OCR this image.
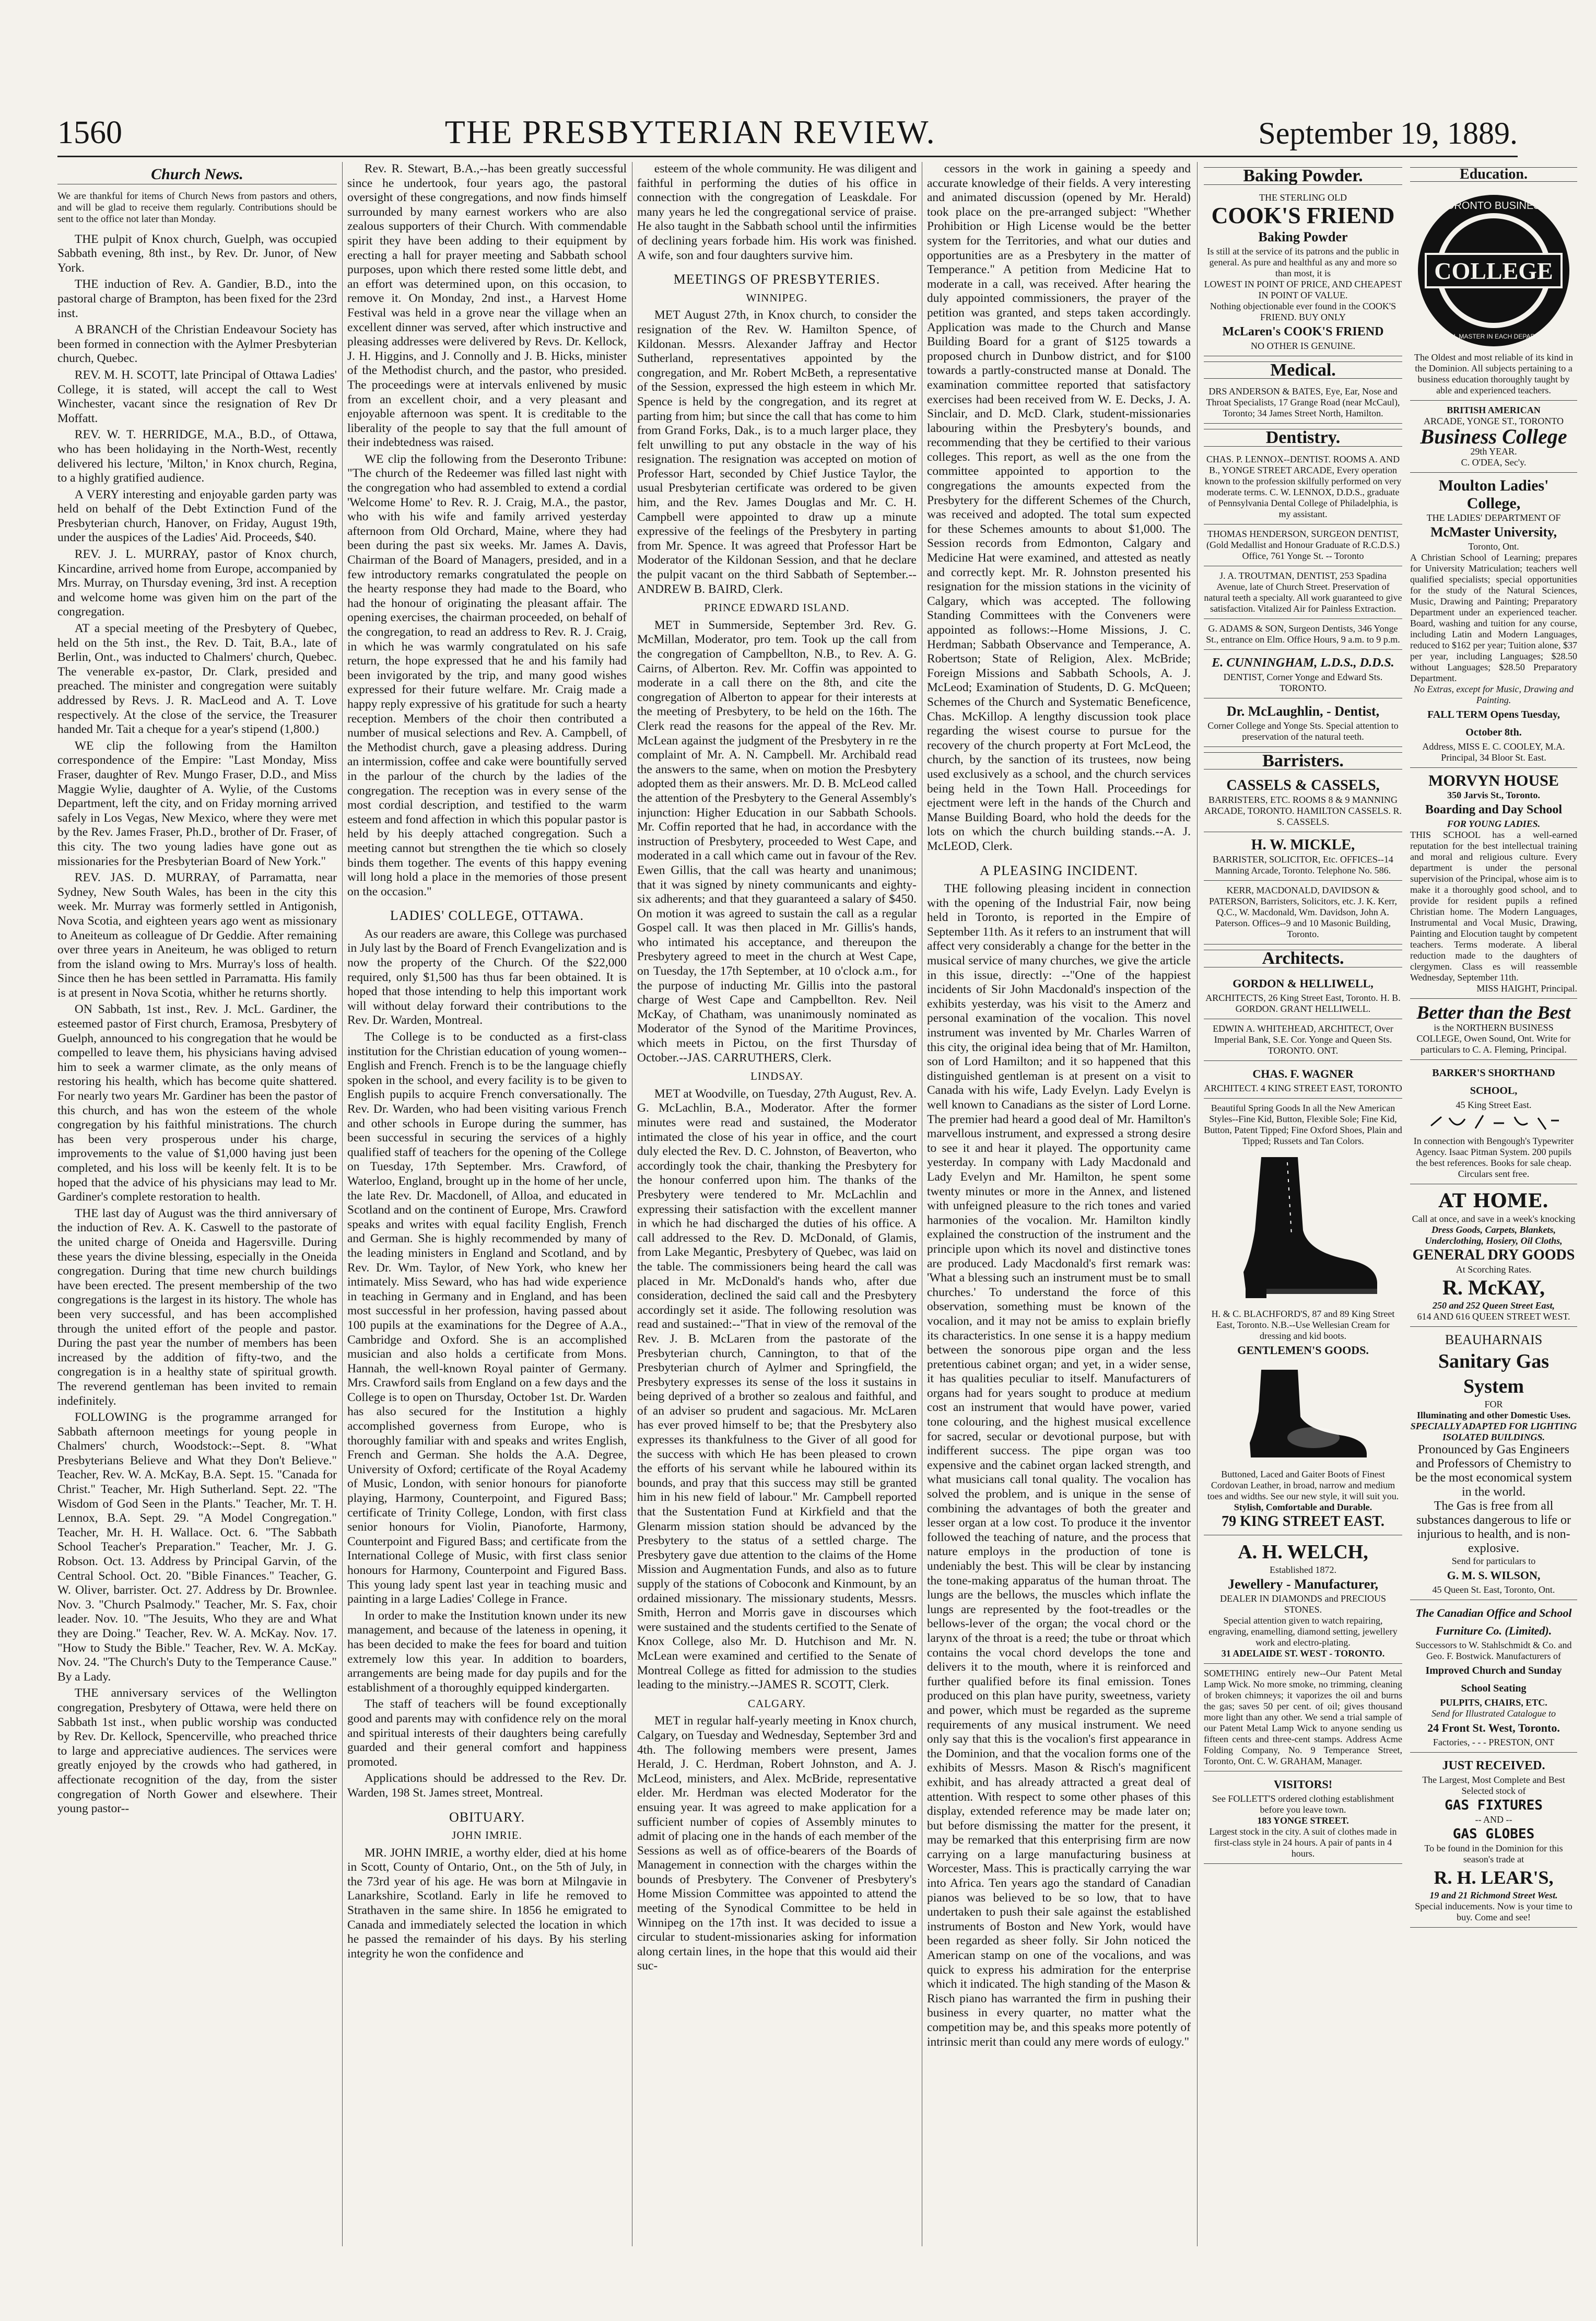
1560	THE PRESBYTERIAN REVIEW.	September 19, 1889.
Church News.
We are thankful for items of Church News from pastors and others, and will be glad to receive them regularly. Contributions should be sent to the office not later than Monday.

THE pulpit of Knox church, Guelph, was occupied Sabbath evening, 8th inst., by Rev. Dr. Junor, of New York.

THE induction of Rev. A. Gandier, B.D., into the pastoral charge of Brampton, has been fixed for the 23rd inst.

A BRANCH of the Christian Endeavour Society has been formed in connection with the Aylmer Presbyterian church, Quebec.

REV. M. H. SCOTT, late Principal of Ottawa Ladies' College, it is stated, will accept the call to West Winchester, vacant since the resignation of Rev Dr Moffatt.

REV. W. T. HERRIDGE, M.A., B.D., of Ottawa, who has been holidaying in the North-West, recently delivered his lecture, 'Milton,' in Knox church, Regina, to a highly gratified audience.

A VERY interesting and enjoyable garden party was held on behalf of the Debt Extinction Fund of the Presbyterian church, Hanover, on Friday, August 19th, under the auspices of the Ladies' Aid. Proceeds, $40.

REV. J. L. MURRAY, pastor of Knox church, Kincardine, arrived home from Europe, accompanied by Mrs. Murray, on Thursday evening, 3rd inst. A reception and welcome home was given him on the part of the congregation.

AT a special meeting of the Presbytery of Quebec, held on the 5th inst., the Rev. D. Tait, B.A., late of Berlin, Ont., was inducted to Chalmers' church, Quebec. The venerable ex-pastor, Dr. Clark, presided and preached. The minister and congregation were suitably addressed by Revs. J. R. MacLeod and A. T. Love respectively. At the close of the service, the Treasurer handed Mr. Tait a cheque for a year's stipend (1,800.)

WE clip the following from the Hamilton correspondence of the Empire: "Last Monday, Miss Fraser, daughter of Rev. Mungo Fraser, D.D., and Miss Maggie Wylie, daughter of A. Wylie, of the Customs Department, left the city, and on Friday morning arrived safely in Los Vegas, New Mexico, where they were met by the Rev. James Fraser, Ph.D., brother of Dr. Fraser, of this city. The two young ladies have gone out as missionaries for the Presbyterian Board of New York."

REV. JAS. D. MURRAY, of Parramatta, near Sydney, New South Wales, has been in the city this week. Mr. Murray was formerly settled in Antigonish, Nova Scotia, and eighteen years ago went as missionary to Aneiteum as colleague of Dr Geddie. After remaining over three years in Aneiteum, he was obliged to return from the island owing to Mrs. Murray's loss of health. Since then he has been settled in Parramatta. His family is at present in Nova Scotia, whither he returns shortly.

ON Sabbath, 1st inst., Rev. J. McL. Gardiner, the esteemed pastor of First church, Eramosa, Presbytery of Guelph, announced to his congregation that he would be compelled to leave them, his physicians having advised him to seek a warmer climate, as the only means of restoring his health, which has become quite shattered. For nearly two years Mr. Gardiner has been the pastor of this church, and has won the esteem of the whole congregation by his faithful ministrations. The church has been very prosperous under his charge, improvements to the value of $1,000 having just been completed, and his loss will be keenly felt. It is to be hoped that the advice of his physicians may lead to Mr. Gardiner's complete restoration to health.

THE last day of August was the third anniversary of the induction of Rev. A. K. Caswell to the pastorate of the united charge of Oneida and Hagersville. During these years the divine blessing, especially in the Oneida congregation. During that time new church buildings have been erected. The present membership of the two congregations is the largest in its history. The whole has been very successful, and has been accomplished through the united effort of the people and pastor. During the past year the number of members has been increased by the addition of fifty-two, and the congregation is in a healthy state of spiritual growth. The reverend gentleman has been invited to remain indefinitely.

FOLLOWING is the programme arranged for Sabbath afternoon meetings for young people in Chalmers' church, Woodstock:--Sept. 8. "What Presbyterians Believe and What they Don't Believe." Teacher, Rev. W. A. McKay, B.A. Sept. 15. "Canada for Christ." Teacher, Mr. High Sutherland. Sept. 22. "The Wisdom of God Seen in the Plants." Teacher, Mr. T. H. Lennox, B.A. Sept. 29. "A Model Congregation." Teacher, Mr. H. H. Wallace. Oct. 6. "The Sabbath School Teacher's Preparation." Teacher, Mr. J. G. Robson. Oct. 13. Address by Principal Garvin, of the Central School. Oct. 20. "Bible Finances." Teacher, G. W. Oliver, barrister. Oct. 27. Address by Dr. Brownlee. Nov. 3. "Church Psalmody." Teacher, Mr. S. Fax, choir leader. Nov. 10. "The Jesuits, Who they are and What they are Doing." Teacher, Rev. W. A. McKay. Nov. 17. "How to Study the Bible." Teacher, Rev. W. A. McKay. Nov. 24. "The Church's Duty to the Temperance Cause." By a Lady.

THE anniversary services of the Wellington congregation, Presbytery of Ottawa, were held there on Sabbath 1st inst., when public worship was conducted by Rev. Dr. Kellock, Spencerville, who preached thrice to large and appreciative audiences. The services were greatly enjoyed by the crowds who had gathered, in affectionate recognition of the day, from the sister congregation of North Gower and elsewhere. Their young pastor--

Rev. R. Stewart, B.A.,--has been greatly successful since he undertook, four years ago, the pastoral oversight of these congregations, and now finds himself surrounded by many earnest workers who are also zealous supporters of their Church. With commendable spirit they have been adding to their equipment by erecting a hall for prayer meeting and Sabbath school purposes, upon which there rested some little debt, and an effort was determined upon, on this occasion, to remove it. On Monday, 2nd inst., a Harvest Home Festival was held in a grove near the village when an excellent dinner was served, after which instructive and pleasing addresses were delivered by Revs. Dr. Kellock, J. H. Higgins, and J. Connolly and J. B. Hicks, minister of the Methodist church, and the pastor, who presided. The proceedings were at intervals enlivened by music from an excellent choir, and a very pleasant and enjoyable afternoon was spent. It is creditable to the liberality of the people to say that the full amount of their indebtedness was raised.

WE clip the following from the Deseronto Tribune: "The church of the Redeemer was filled last night with the congregation who had assembled to extend a cordial 'Welcome Home' to Rev. R. J. Craig, M.A., the pastor, who with his wife and family arrived yesterday afternoon from Old Orchard, Maine, where they had been during the past six weeks. Mr. James A. Davis, Chairman of the Board of Managers, presided, and in a few introductory remarks congratulated the people on the hearty response they had made to the Board, who had the honour of originating the pleasant affair. The opening exercises, the chairman proceeded, on behalf of the congregation, to read an address to Rev. R. J. Craig, in which he was warmly congratulated on his safe return, the hope expressed that he and his family had been invigorated by the trip, and many good wishes expressed for their future welfare. Mr. Craig made a happy reply expressive of his gratitude for such a hearty reception. Members of the choir then contributed a number of musical selections and Rev. A. Campbell, of the Methodist church, gave a pleasing address. During an intermission, coffee and cake were bountifully served in the parlour of the church by the ladies of the congregation. The reception was in every sense of the most cordial description, and testified to the warm esteem and fond affection in which this popular pastor is held by his deeply attached congregation. Such a meeting cannot but strengthen the tie which so closely binds them together. The events of this happy evening will long hold a place in the memories of those present on the occasion."

LADIES' COLLEGE, OTTAWA.

As our readers are aware, this College was purchased in July last by the Board of French Evangelization and is now the property of the Church. Of the $22,000 required, only $1,500 has thus far been obtained. It is hoped that those intending to help this important work will without delay forward their contributions to the Rev. Dr. Warden, Montreal.

The College is to be conducted as a first-class institution for the Christian education of young women--English and French. French is to be the language chiefly spoken in the school, and every facility is to be given to English pupils to acquire French conversationally. The Rev. Dr. Warden, who had been visiting various French and other schools in Europe during the summer, has been successful in securing the services of a highly qualified staff of teachers for the opening of the College on Tuesday, 17th September. Mrs. Crawford, of Waterloo, England, brought up in the home of her uncle, the late Rev. Dr. Macdonell, of Alloa, and educated in Scotland and on the continent of Europe, Mrs. Crawford speaks and writes with equal facility English, French and German. She is highly recommended by many of the leading ministers in England and Scotland, and by Rev. Dr. Wm. Taylor, of New York, who knew her intimately. Miss Seward, who has had wide experience in teaching in Germany and in England, and has been most successful in her profession, having passed about 100 pupils at the examinations for the Degree of A.A., Cambridge and Oxford. She is an accomplished musician and also holds a certificate from Mons. Hannah, the well-known Royal painter of Germany. Mrs. Crawford sails from England on a few days and the College is to open on Thursday, October 1st. Dr. Warden has also secured for the Institution a highly accomplished governess from Europe, who is thoroughly familiar with and speaks and writes English, French and German. She holds the A.A. Degree, University of Oxford; certificate of the Royal Academy of Music, London, with senior honours for pianoforte playing, Harmony, Counterpoint, and Figured Bass; certificate of Trinity College, London, with first class senior honours for Violin, Pianoforte, Harmony, Counterpoint and Figured Bass; and certificate from the International College of Music, with first class senior honours for Harmony, Counterpoint and Figured Bass. This young lady spent last year in teaching music and painting in a large Ladies' College in France.

In order to make the Institution known under its new management, and because of the lateness in opening, it has been decided to make the fees for board and tuition extremely low this year. In addition to boarders, arrangements are being made for day pupils and for the establishment of a thoroughly equipped kindergarten.

The staff of teachers will be found exceptionally good and parents may with confidence rely on the moral and spiritual interests of their daughters being carefully guarded and their general comfort and happiness promoted.

Applications should be addressed to the Rev. Dr. Warden, 198 St. James street, Montreal.

OBITUARY.
JOHN IMRIE.

MR. JOHN IMRIE, a worthy elder, died at his home in Scott, County of Ontario, Ont., on the 5th of July, in the 73rd year of his age. He was born at Milngavie in Lanarkshire, Scotland. Early in life he removed to Strathaven in the same shire. In 1856 he emigrated to Canada and immediately selected the location in which he passed the remainder of his days. By his sterling integrity he won the confidence and

esteem of the whole community. He was diligent and faithful in performing the duties of his office in connection with the congregation of Leaskdale. For many years he led the congregational service of praise. He also taught in the Sabbath school until the infirmities of declining years forbade him. His work was finished. A wife, son and four daughters survive him.

MEETINGS OF PRESBYTERIES.
WINNIPEG.

MET August 27th, in Knox church, to consider the resignation of the Rev. W. Hamilton Spence, of Kildonan. Messrs. Alexander Jaffray and Hector Sutherland, representatives appointed by the congregation, and Mr. Robert McBeth, a representative of the Session, expressed the high esteem in which Mr. Spence is held by the congregation, and its regret at parting from him; but since the call that has come to him from Grand Forks, Dak., is to a much larger place, they felt unwilling to put any obstacle in the way of his resignation. The resignation was accepted on motion of Professor Hart, seconded by Chief Justice Taylor, the usual Presbyterian certificate was ordered to be given him, and the Rev. James Douglas and Mr. C. H. Campbell were appointed to draw up a minute expressive of the feelings of the Presbytery in parting from Mr. Spence. It was agreed that Professor Hart be Moderator of the Kildonan Session, and that he declare the pulpit vacant on the third Sabbath of September.--ANDREW B. BAIRD, Clerk.

PRINCE EDWARD ISLAND.

MET in Summerside, September 3rd. Rev. G. McMillan, Moderator, pro tem. Took up the call from the congregation of Campbellton, N.B., to Rev. A. G. Cairns, of Alberton. Rev. Mr. Coffin was appointed to moderate in a call there on the 8th, and cite the congregation of Alberton to appear for their interests at the meeting of Presbytery, to be held on the 16th. The Clerk read the reasons for the appeal of the Rev. Mr. McLean against the judgment of the Presbytery in re the complaint of Mr. A. N. Campbell. Mr. Archibald read the answers to the same, when on motion the Presbytery adopted them as their answers. Mr. D. B. McLeod called the attention of the Presbytery to the General Assembly's injunction: Higher Education in our Sabbath Schools. Mr. Coffin reported that he had, in accordance with the instruction of Presbytery, proceeded to West Cape, and moderated in a call which came out in favour of the Rev. Ewen Gillis, that the call was hearty and unanimous; that it was signed by ninety communicants and eighty-six adherents; and that they guaranteed a salary of $450. On motion it was agreed to sustain the call as a regular Gospel call. It was then placed in Mr. Gillis's hands, who intimated his acceptance, and thereupon the Presbytery agreed to meet in the church at West Cape, on Tuesday, the 17th September, at 10 o'clock a.m., for the purpose of inducting Mr. Gillis into the pastoral charge of West Cape and Campbellton. Rev. Neil McKay, of Chatham, was unanimously nominated as Moderator of the Synod of the Maritime Provinces, which meets in Pictou, on the first Thursday of October.--JAS. CARRUTHERS, Clerk.

LINDSAY.

MET at Woodville, on Tuesday, 27th August, Rev. A. G. McLachlin, B.A., Moderator. After the former minutes were read and sustained, the Moderator intimated the close of his year in office, and the court duly elected the Rev. D. C. Johnston, of Beaverton, who accordingly took the chair, thanking the Presbytery for the honour conferred upon him. The thanks of the Presbytery were tendered to Mr. McLachlin and expressing their satisfaction with the excellent manner in which he had discharged the duties of his office. A call addressed to the Rev. D. McDonald, of Glamis, from Lake Megantic, Presbytery of Quebec, was laid on the table. The commissioners being heard the call was placed in Mr. McDonald's hands who, after due consideration, declined the said call and the Presbytery accordingly set it aside. The following resolution was read and sustained:--"That in view of the removal of the Rev. J. B. McLaren from the pastorate of the Presbyterian church, Cannington, to that of the Presbyterian church of Aylmer and Springfield, the Presbytery expresses its sense of the loss it sustains in being deprived of a brother so zealous and faithful, and of an adviser so prudent and sagacious. Mr. McLaren has ever proved himself to be; that the Presbytery also expresses its thankfulness to the Giver of all good for the success with which He has been pleased to crown the efforts of his servant while he laboured within its bounds, and pray that this success may still be granted him in his new field of labour." Mr. Campbell reported that the Sustentation Fund at Kirkfield and that the Glenarm mission station should be advanced by the Presbytery to the status of a settled charge. The Presbytery gave due attention to the claims of the Home Mission and Augmentation Funds, and also as to future supply of the stations of Coboconk and Kinmount, by an ordained missionary. The missionary students, Messrs. Smith, Herron and Morris gave in discourses which were sustained and the students certified to the Senate of Knox College, also Mr. D. Hutchison and Mr. N. McLean were examined and certified to the Senate of Montreal College as fitted for admission to the studies leading to the ministry.--JAMES R. SCOTT, Clerk.

CALGARY.

MET in regular half-yearly meeting in Knox church, Calgary, on Tuesday and Wednesday, September 3rd and 4th. The following members were present, James Herald, J. C. Herdman, Robert Johnston, and A. J. McLeod, ministers, and Alex. McBride, representative elder. Mr. Herdman was elected Moderator for the ensuing year. It was agreed to make application for a sufficient number of copies of Assembly minutes to admit of placing one in the hands of each member of the Sessions as well as of office-bearers of the Boards of Management in connection with the charges within the bounds of Presbytery. The Convener of Presbytery's Home Mission Committee was appointed to attend the meeting of the Synodical Committee to be held in Winnipeg on the 17th inst. It was decided to issue a circular to student-missionaries asking for information along certain lines, in the hope that this would aid their suc-

cessors in the work in gaining a speedy and accurate knowledge of their fields. A very interesting and animated discussion (opened by Mr. Herald) took place on the pre-arranged subject: "Whether Prohibition or High License would be the better system for the Territories, and what our duties and opportunities are as a Presbytery in the matter of Temperance." A petition from Medicine Hat to moderate in a call, was received. After hearing the duly appointed commissioners, the prayer of the petition was granted, and steps taken accordingly. Application was made to the Church and Manse Building Board for a grant of $125 towards a proposed church in Dunbow district, and for $100 towards a partly-constructed manse at Donald. The examination committee reported that satisfactory exercises had been received from W. E. Decks, J. A. Sinclair, and D. McD. Clark, student-missionaries labouring within the Presbytery's bounds, and recommending that they be certified to their various colleges. This report, as well as the one from the committee appointed to apportion to the congregations the amounts expected from the Presbytery for the different Schemes of the Church, was received and adopted. The total sum expected for these Schemes amounts to about $1,000. The Session records from Edmonton, Calgary and Medicine Hat were examined, and attested as neatly and correctly kept. Mr. R. Johnston presented his resignation for the mission stations in the vicinity of Calgary, which was accepted. The following Standing Committees with the Conveners were appointed as follows:--Home Missions, J. C. Herdman; Sabbath Observance and Temperance, A. Robertson; State of Religion, Alex. McBride; Foreign Missions and Sabbath Schools, A. J. McLeod; Examination of Students, D. G. McQueen; Schemes of the Church and Systematic Beneficence, Chas. McKillop. A lengthy discussion took place regarding the wisest course to pursue for the recovery of the church property at Fort McLeod, the church, by the sanction of its trustees, now being used exclusively as a school, and the church services being held in the Town Hall. Proceedings for ejectment were left in the hands of the Church and Manse Building Board, who hold the deeds for the lots on which the church building stands.--A. J. McLEOD, Clerk.

A PLEASING INCIDENT.

THE following pleasing incident in connection with the opening of the Industrial Fair, now being held in Toronto, is reported in the Empire of September 11th. As it refers to an instrument that will affect very considerably a change for the better in the musical service of many churches, we give the article in this issue, directly: --"One of the happiest incidents of Sir John Macdonald's inspection of the exhibits yesterday, was his visit to the Amerz and personal examination of the vocalion. This novel instrument was invented by Mr. Charles Warren of this city, the original idea being that of Mr. Hamilton, son of Lord Hamilton; and it so happened that this distinguished gentleman is at present on a visit to Canada with his wife, Lady Evelyn. Lady Evelyn is well known to Canadians as the sister of Lord Lorne. The premier had heard a good deal of Mr. Hamilton's marvellous instrument, and expressed a strong desire to see it and hear it played. The opportunity came yesterday. In company with Lady Macdonald and Lady Evelyn and Mr. Hamilton, he spent some twenty minutes or more in the Annex, and listened with unfeigned pleasure to the rich tones and varied harmonies of the vocalion. Mr. Hamilton kindly explained the construction of the instrument and the principle upon which its novel and distinctive tones are produced. Lady Macdonald's first remark was: 'What a blessing such an instrument must be to small churches.' To understand the force of this observation, something must be known of the vocalion, and it may not be amiss to explain briefly its characteristics. In one sense it is a happy medium between the sonorous pipe organ and the less pretentious cabinet organ; and yet, in a wider sense, it has qualities peculiar to itself. Manufacturers of organs had for years sought to produce at medium cost an instrument that would have power, varied tone colouring, and the highest musical excellence for sacred, secular or devotional purpose, but with indifferent success. The pipe organ was too expensive and the cabinet organ lacked strength, and what musicians call tonal quality. The vocalion has solved the problem, and is unique in the sense of combining the advantages of both the greater and lesser organ at a low cost. To produce it the inventor followed the teaching of nature, and the process that nature employs in the production of tone is undeniably the best. This will be clear by instancing the tone-making apparatus of the human throat. The lungs are the bellows, the muscles which inflate the lungs are represented by the foot-treadles or the bellows-lever of the organ; the vocal chord or the larynx of the throat is a reed; the tube or throat which contains the vocal chord develops the tone and delivers it to the mouth, where it is reinforced and further qualified before its final emission. Tones produced on this plan have purity, sweetness, variety and power, which must be regarded as the supreme requirements of any musical instrument. We need only say that this is the vocalion's first appearance in the Dominion, and that the vocalion forms one of the exhibits of Messrs. Mason & Risch's magnificent exhibit, and has already attracted a great deal of attention. With respect to some other phases of this display, extended reference may be made later on; but before dismissing the matter for the present, it may be remarked that this enterprising firm are now carrying on a large manufacturing business at Worcester, Mass. This is practically carrying the war into Africa. Ten years ago the standard of Canadian pianos was believed to be so low, that to have undertaken to push their sale against the established instruments of Boston and New York, would have been regarded as sheer folly. Sir John noticed the American stamp on one of the vocalions, and was quick to express his admiration for the enterprise which it indicated. The high standing of the Mason & Risch piano has warranted the firm in pushing their business in every quarter, no matter what the competition may be, and this speaks more potently of intrinsic merit than could any mere words of eulogy."

Baking Powder.
THE STERLING OLD
COOK'S FRIEND
Baking Powder
Is still at the service of its patrons and the public in general. As pure and healthful as any and more so than most, it is
LOWEST IN POINT OF PRICE, AND CHEAPEST IN POINT OF VALUE.
Nothing objectionable ever found in the COOK'S FRIEND. BUY ONLY
McLaren's COOK'S FRIEND
NO OTHER IS GENUINE.
Medical.
DRS ANDERSON & BATES, Eye, Ear, Nose and Throat Specialists, 17 Grange Road (near McCaul), Toronto; 34 James Street North, Hamilton.
Dentistry.
CHAS. P. LENNOX--DENTIST. ROOMS A. AND B., YONGE STREET ARCADE, Every operation known to the profession skilfully performed on very moderate terms. C. W. LENNOX, D.D.S., graduate of Pennsylvania Dental College of Philadelphia, is my assistant.
THOMAS HENDERSON, SURGEON DENTIST, (Gold Medallist and Honour Graduate of R.C.D.S.) Office, 761 Yonge St. -- Toronto
J. A. TROUTMAN, DENTIST, 253 Spadina Avenue, late of Church Street. Preservation of natural teeth a specialty. All work guaranteed to give satisfaction. Vitalized Air for Painless Extraction.
G. ADAMS & SON, Surgeon Dentists, 346 Yonge St., entrance on Elm. Office Hours, 9 a.m. to 9 p.m.
E. CUNNINGHAM, L.D.S., D.D.S.
DENTIST, Corner Yonge and Edward Sts. TORONTO.
Dr. McLaughlin, - Dentist,
Corner College and Yonge Sts. Special attention to preservation of the natural teeth.
Barristers.
CASSELS & CASSELS,
BARRISTERS, ETC. ROOMS 8 & 9 MANNING ARCADE, TORONTO. HAMILTON CASSELS. R. S. CASSELS.
H. W. MICKLE,
BARRISTER, SOLICITOR, Etc. OFFICES--14 Manning Arcade, Toronto. Telephone No. 586.
KERR, MACDONALD, DAVIDSON & PATERSON, Barristers, Solicitors, etc. J. K. Kerr, Q.C., W. Macdonald, Wm. Davidson, John A. Paterson. Offices--9 and 10 Masonic Building, Toronto.
Architects.
GORDON & HELLIWELL,
ARCHITECTS, 26 King Street East, Toronto. H. B. GORDON. GRANT HELLIWELL.
EDWIN A. WHITEHEAD, ARCHITECT, Over Imperial Bank, S.E. Cor. Yonge and Queen Sts. TORONTO. ONT.
CHAS. F. WAGNER
ARCHITECT. 4 KING STREET EAST, TORONTO
Beautiful Spring Goods In all the New American Styles--Fine Kid, Button, Flexible Sole; Fine Kid, Button, Patent Tipped; Fine Oxford Shoes, Plain and Tipped; Russets and Tan Colors.
H. & C. BLACHFORD'S, 87 and 89 King Street East, Toronto. N.B.--Use Wellesian Cream for dressing and kid boots.
GENTLEMEN'S GOODS.
Buttoned, Laced and Gaiter Boots of Finest Cordovan Leather, in broad, narrow and medium toes and widths. See our new style, it will suit you.
Stylish, Comfortable and Durable.
79 KING STREET EAST.
A. H. WELCH,
Established 1872.
Jewellery - Manufacturer,
DEALER IN DIAMONDS and PRECIOUS STONES.
Special attention given to watch repairing, engraving, enamelling, diamond setting, jewellery work and electro-plating.
31 ADELAIDE ST. WEST - TORONTO.
SOMETHING entirely new--Our Patent Metal Lamp Wick. No more smoke, no trimming, cleaning of broken chimneys; it vaporizes the oil and burns the gas; saves 50 per cent. of oil; gives thousand more light than any other. We send a trial sample of our Patent Metal Lamp Wick to anyone sending us fifteen cents and three-cent stamps. Address Acme Folding Company, No. 9 Temperance Street, Toronto, Ont. C. W. GRAHAM, Manager.
VISITORS!
See FOLLETT'S ordered clothing establishment before you leave town.
183 YONGE STREET.
Largest stock in the city. A suit of clothes made in first-class style in 24 hours. A pair of pants in 4 hours.
Education.
COLLEGE
TORONTO BUSINESS
SPECIAL MASTER IN EACH DEPARTMENT
The Oldest and most reliable of its kind in the Dominion. All subjects pertaining to a business education thoroughly taught by able and experienced teachers.
BRITISH AMERICAN
ARCADE, YONGE ST., TORONTO
Business College
29th YEAR.
C. O'DEA, Sec'y.
Moulton Ladies' College,
THE LADIES' DEPARTMENT OF
McMaster University,
Toronto, Ont.
A Christian School of Learning; prepares for University Matriculation; teachers well qualified specialists; special opportunities for the study of the Natural Sciences, Music, Drawing and Painting; Preparatory Department under an experienced teacher. Board, washing and tuition for any course, including Latin and Modern Languages, reduced to $162 per year; Tuition alone, $37 per year, including Languages; $28.50 without Languages; $28.50 Preparatory Department.
No Extras, except for Music, Drawing and Painting.
FALL TERM Opens Tuesday, October 8th.
Address, MISS E. C. COOLEY, M.A. Principal, 34 Bloor St. East.
MORVYN HOUSE
350 Jarvis St., Toronto.
Boarding and Day School
FOR YOUNG LADIES.
THIS SCHOOL has a well-earned reputation for the best intellectual training and moral and religious culture. Every department is under the personal supervision of the Principal, whose aim is to make it a thoroughly good school, and to provide for resident pupils a refined Christian home. The Modern Languages, Instrumental and Vocal Music, Drawing, Painting and Elocution taught by competent teachers. Terms moderate. A liberal reduction made to the daughters of clergymen. Class es will reassemble Wednesday, September 11th.
MISS HAIGHT, Principal.
Better than the Best
is the NORTHERN BUSINESS COLLEGE, Owen Sound, Ont. Write for particulars to C. A. Fleming, Principal.
BARKER'S SHORTHAND SCHOOL,
45 King Street East.
In connection with Bengough's Typewriter Agency. Isaac Pitman System. 200 pupils the best references. Books for sale cheap. Circulars sent free.
AT HOME.
Call at once, and save in a week's knocking
Dress Goods, Carpets, Blankets, Underclothing, Hosiery, Oil Cloths,
GENERAL DRY GOODS
At Scorching Rates.
R. McKAY,
250 and 252 Queen Street East,
614 AND 616 QUEEN STREET WEST.
BEAUHARNAIS
Sanitary Gas System
FOR
Illuminating and other Domestic Uses.
SPECIALLY ADAPTED FOR LIGHTING ISOLATED BUILDINGS.
Pronounced by Gas Engineers and Professors of Chemistry to be the most economical system in the world.
The Gas is free from all substances dangerous to life or injurious to health, and is non-explosive.
Send for particulars to
G. M. S. WILSON,
45 Queen St. East, Toronto, Ont.
The Canadian Office and School Furniture Co. (Limited).
Successors to W. Stahlschmidt & Co. and Geo. F. Bostwick. Manufacturers of
Improved Church and Sunday School Seating
PULPITS, CHAIRS, ETC.
Send for Illustrated Catalogue to
24 Front St. West, Toronto.
Factories, - - - PRESTON, ONT
JUST RECEIVED.
The Largest, Most Complete and Best Selected stock of
GAS FIXTURES
-- AND --
GAS GLOBES
To be found in the Dominion for this season's trade at
R. H. LEAR'S,
19 and 21 Richmond Street West.
Special inducements. Now is your time to buy. Come and see!
